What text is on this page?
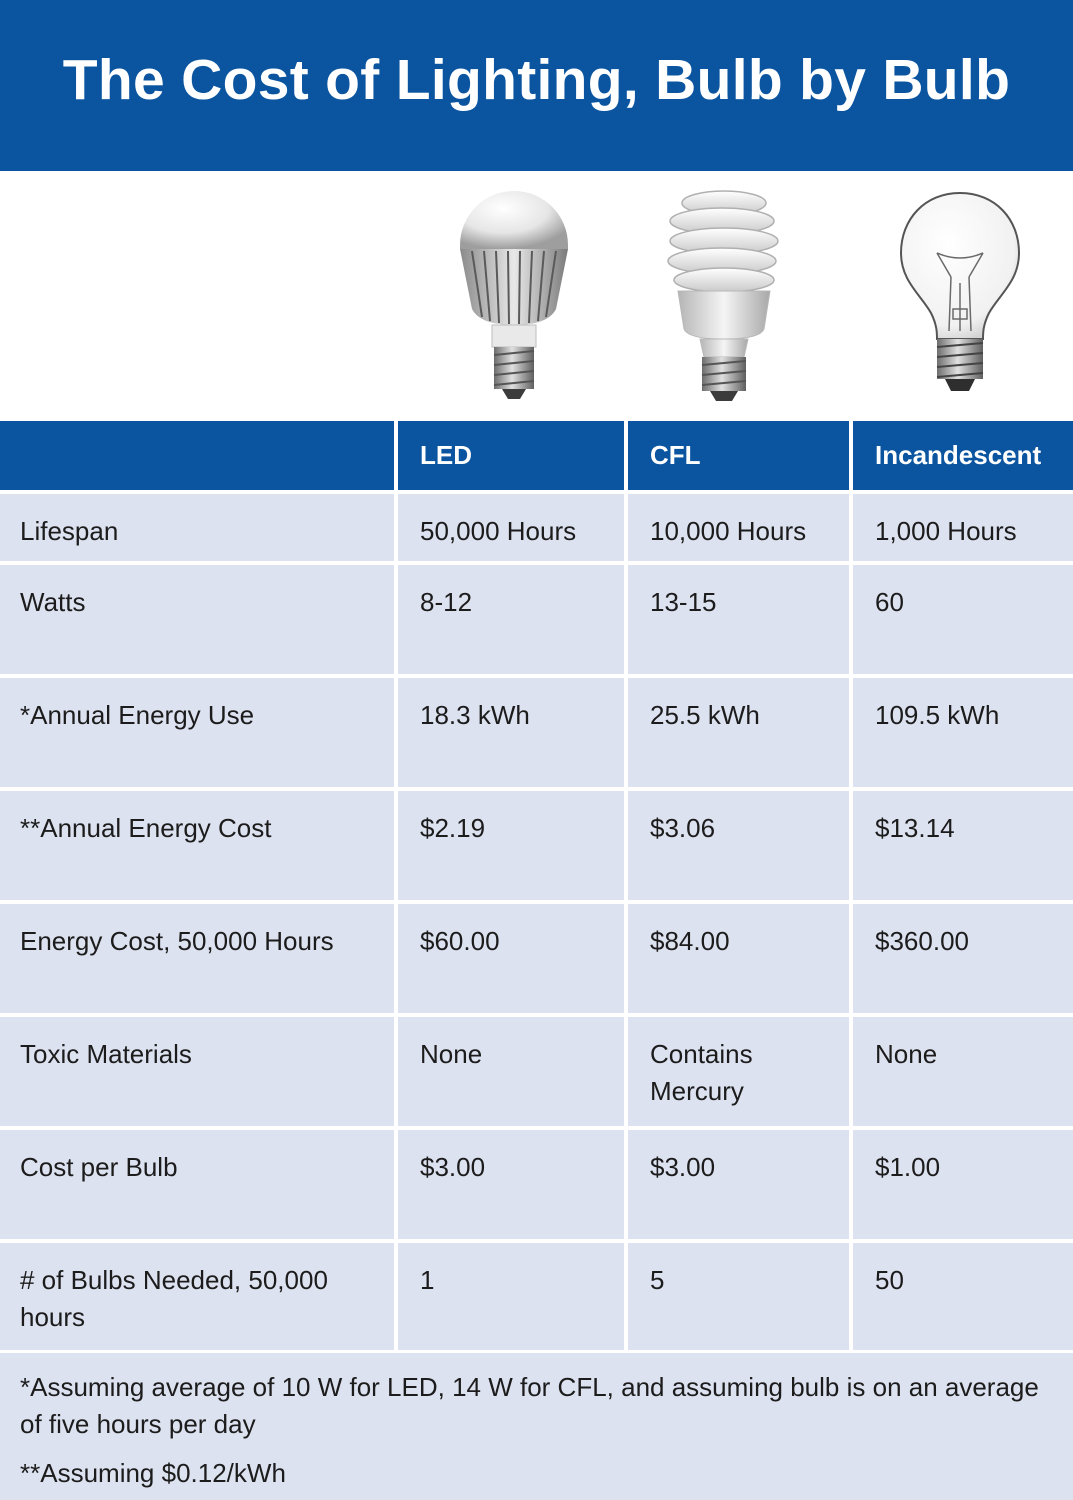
The Cost of Lighting, Bulb by Bulb
	LED	CFL	Incandescent
Lifespan	50,000 Hours	10,000 Hours	1,000 Hours
Watts	8-12	13-15	60
*Annual Energy Use	18.3 kWh	25.5 kWh	109.5 kWh
**Annual Energy Cost	$2.19	$3.06	$13.14
Energy Cost, 50,000 Hours	$60.00	$84.00	$360.00
Toxic Materials	None	Contains Mercury	None
Cost per Bulb	$3.00	$3.00	$1.00
# of Bulbs Needed, 50,000 hours	1	5	50

*Assuming average of 10 W for LED, 14 W for CFL, and assuming bulb is on an average of five hours per day

**Assuming $0.12/kWh
